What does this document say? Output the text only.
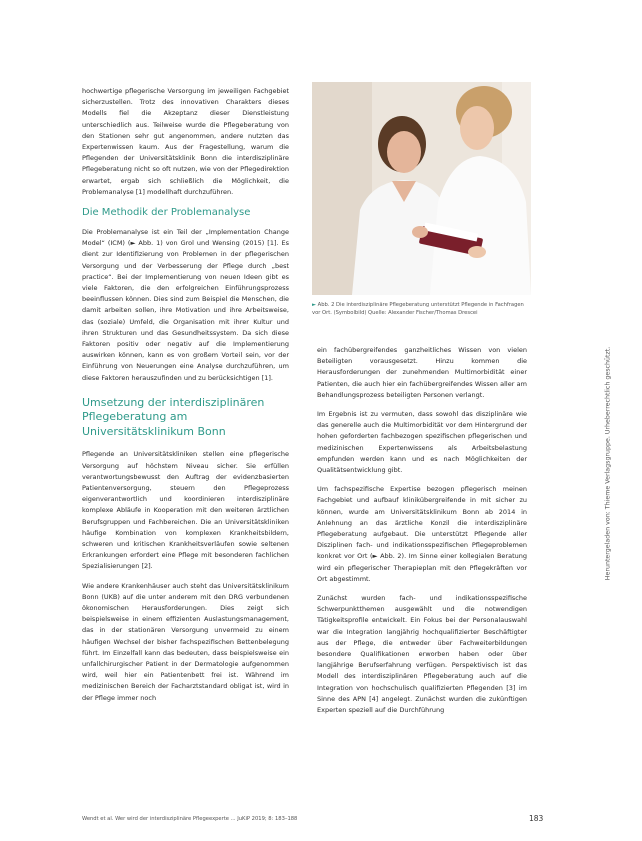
hochwertige pflegerische Versorgung im jeweiligen Fachgebiet sicherzustellen. Trotz des innovativen Charakters dieses Modells fiel die Akzeptanz dieser Dienstleistung unterschiedlich aus. Teilweise wurde die Pflegeberatung von den Stationen sehr gut angenommen, andere nutzten das Expertenwissen kaum. Aus der Fragestellung, warum die Pflegenden der Universitätsklinik Bonn die interdisziplinäre Pflegeberatung nicht so oft nutzen, wie von der Pflegedirektion erwartet, ergab sich schließlich die Möglichkeit, die Problemanalyse [1] modellhaft durchzuführen.

Die Methodik der Problemanalyse

Die Problemanalyse ist ein Teil der „Implementation Change Model“ (ICM) (► Abb. 1) von Grol und Wensing (2015) [1]. Es dient zur Identifizierung von Problemen in der pflegerischen Versorgung und der Verbesserung der Pflege durch „best practice“. Bei der Implementierung von neuen Ideen gibt es viele Faktoren, die den erfolgreichen Einführungsprozess beeinflussen können. Dies sind zum Beispiel die Menschen, die damit arbeiten sollen, ihre Motivation und ihre Arbeitsweise, das (soziale) Umfeld, die Organisation mit ihrer Kultur und ihren Strukturen und das Gesundheitssystem. Da sich diese Faktoren positiv oder negativ auf die Implementierung auswirken können, kann es von großem Vorteil sein, vor der Einführung von Neuerungen eine Analyse durchzuführen, um diese Faktoren herauszufinden und zu berücksichtigen [1].

Umsetzung der interdisziplinären Pflegeberatung am Universitätsklinikum Bonn

Pflegende an Universitätskliniken stellen eine pflegerische Versorgung auf höchstem Niveau sicher. Sie erfüllen verantwortungsbewusst den Auftrag der evidenzbasierten Patientenversorgung, steuern den Pflegeprozess eigenverantwortlich und koordinieren interdisziplinäre komplexe Abläufe in Kooperation mit den weiteren ärztlichen Berufsgruppen und Fachbereichen. Die an Universitätskliniken häufige Kombination von komplexen Krankheitsbildern, schweren und kritischen Krankheitsverläufen sowie seltenen Erkrankungen erfordert eine Pflege mit besonderen fachlichen Spezialisierungen [2].

Wie andere Krankenhäuser auch steht das Universitätsklinikum Bonn (UKB) auf die unter anderem mit den DRG verbundenen ökonomischen Herausforderungen. Dies zeigt sich beispielsweise in einem effizienten Auslastungsmanagement, das in der stationären Versorgung unvermeid zu einem häufigen Wechsel der bisher fachspezifischen Bettenbelegung führt. Im Einzelfall kann das bedeuten, dass beispielsweise ein unfallchirurgischer Patient in der Dermatologie aufgenommen wird, weil hier ein Patientenbett frei ist. Während im medizinischen Bereich der Facharztstandard obligat ist, wird in der Pflege immer noch

► Abb. 2 Die interdisziplinäre Pflegeberatung unterstützt Pflegende in Fachfragen vor Ort. (Symbolbild) Quelle: Alexander Fischer/Thomas Drescei

ein fachübergreifendes ganzheitliches Wissen von vielen Beteiligten vorausgesetzt. Hinzu kommen die Herausforderungen der zunehmenden Multimorbidität einer Patienten, die auch hier ein fachübergreifendes Wissen aller am Behandlungsprozess beteiligten Personen verlangt.

Im Ergebnis ist zu vermuten, dass sowohl das disziplinäre wie das generelle auch die Multimorbidität vor dem Hintergrund der hohen geforderten fachbezogen spezifischen pflegerischen und medizinischen Expertenwissens als Arbeitsbelastung empfunden werden kann und es nach Möglichkeiten der Qualitätsentwicklung gibt.

Um fachspezifische Expertise bezogen pflegerisch meinen Fachgebiet und aufbauf klinikübergreifende in mit sicher zu können, wurde am Universitätsklinikum Bonn ab 2014 in Anlehnung an das ärztliche Konzil die interdisziplinäre Pflegeberatung aufgebaut. Die unterstützt Pflegende aller Disziplinen fach- und indikationsspezifischen Pflegeproblemen konkret vor Ort (► Abb. 2). Im Sinne einer kollegialen Beratung wird ein pflegerischer Therapieplan mit den Pflegekräften vor Ort abgestimmt.

Zunächst wurden fach- und indikationsspezifische Schwerpunktthemen ausgewählt und die notwendigen Tätigkeitsprofile entwickelt. Ein Fokus bei der Personalauswahl war die Integration langjährig hochqualifizierter Beschäftigter aus der Pflege, die entweder über Fachweiterbildungen besondere Qualifikationen erworben haben oder über langjährige Berufserfahrung verfügen. Perspektivisch ist das Modell des interdisziplinären Pflegeberatung auch auf die Integration von hochschulisch qualifizierten Pflegenden [3] im Sinne des APN [4] angelegt. Zunächst wurden die zukünftigen Experten speziell auf die Durchführung

Heruntergeladen von: Thieme Verlagsgruppe. Urheberrechtlich geschützt.
Wendt et al. Wer wird der interdisziplinäre Pflegeexperte ... JuKiP 2019; 8: 183–188	183
